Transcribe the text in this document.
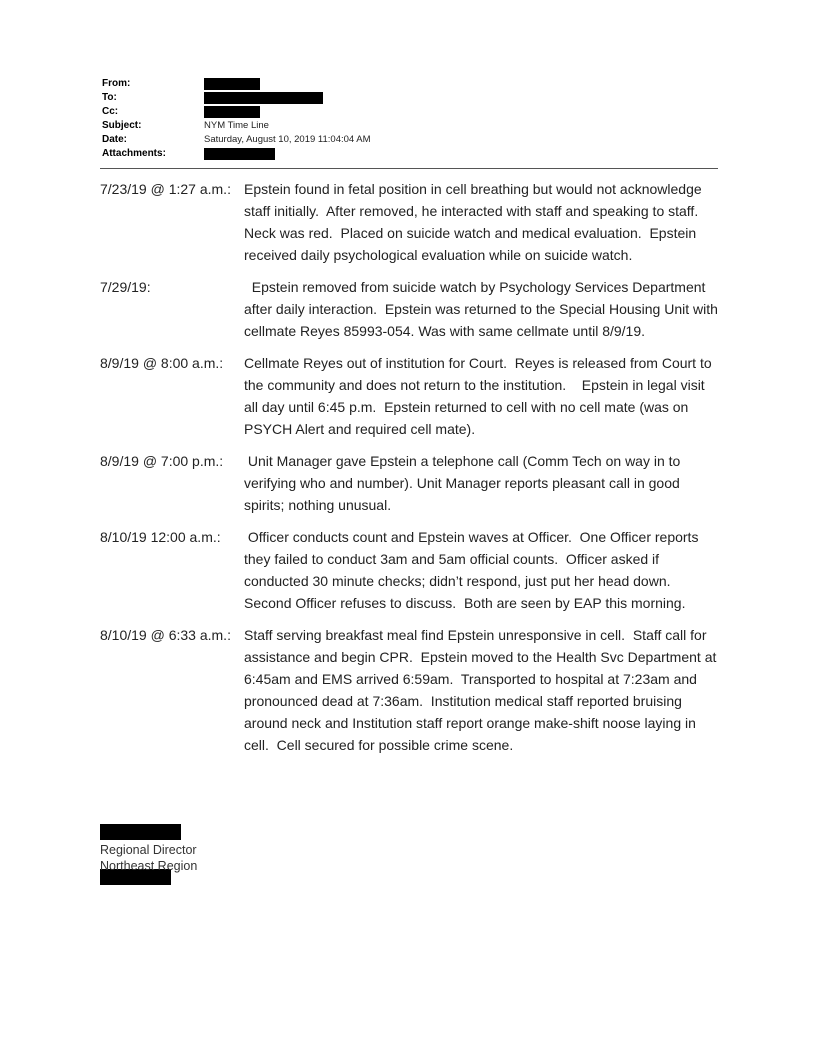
From:
To:
Cc:
Subject:	NYM Time Line
Date:	Saturday, August 10, 2019 11:04:04 AM
Attachments:
7/23/19 @ 1:27 a.m.: Epstein found in fetal position in cell breathing but would not acknowledge staff initially.  After removed, he interacted with staff and speaking to staff.  Neck was red.  Placed on suicide watch and medical evaluation.  Epstein received daily psychological evaluation while on suicide watch.
7/29/19:	Epstein removed from suicide watch by Psychology Services Department after daily interaction.  Epstein was returned to the Special Housing Unit with cellmate Reyes 85993-054. Was with same cellmate until 8/9/19.
8/9/19 @ 8:00 a.m.:	Cellmate Reyes out of institution for Court.  Reyes is released from Court to the community and does not return to the institution.    Epstein in legal visit all day until 6:45 p.m.  Epstein returned to cell with no cell mate (was on PSYCH Alert and required cell mate).
8/9/19 @ 7:00 p.m.:	Unit Manager gave Epstein a telephone call (Comm Tech on way in to verifying who and number). Unit Manager reports pleasant call in good spirits; nothing unusual.
8/10/19 12:00 a.m.:	Officer conducts count and Epstein waves at Officer.  One Officer reports they failed to conduct 3am and 5am official counts.  Officer asked if conducted 30 minute checks; didn’t respond, just put her head down.  Second Officer refuses to discuss.  Both are seen by EAP this morning.
8/10/19 @ 6:33 a.m.: Staff serving breakfast meal find Epstein unresponsive in cell.  Staff call for assistance and begin CPR.  Epstein moved to the Health Svc Department at 6:45am and EMS arrived 6:59am.  Transported to hospital at 7:23am and pronounced dead at 7:36am.  Institution medical staff reported bruising around neck and Institution staff report orange make-shift noose laying in cell.  Cell secured for possible crime scene.
Regional Director
Northeast Region
